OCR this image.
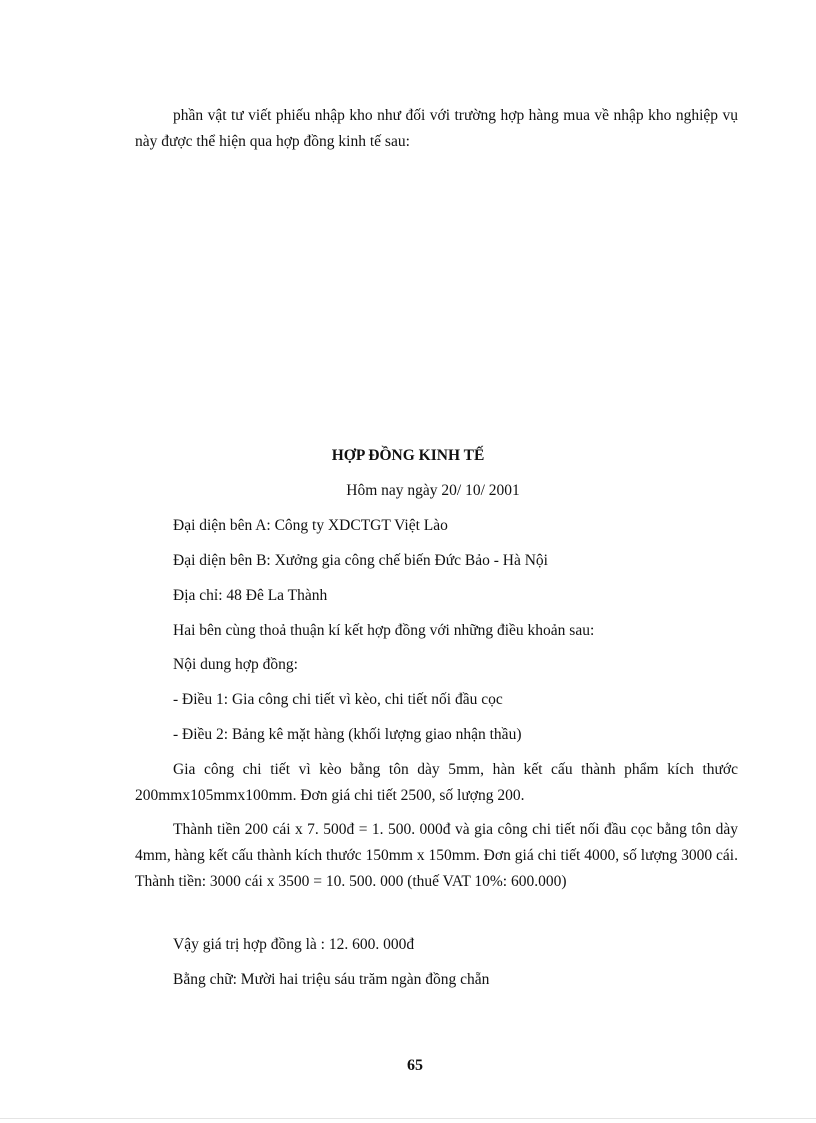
phần vật tư viết phiếu nhập kho như đối với trường hợp hàng mua về nhập kho nghiệp vụ này được thể hiện qua hợp đồng kinh tế sau:

HỢP ĐỒNG KINH TẾ

Hôm nay ngày 20/ 10/ 2001

Đại diện bên A: Công ty XDCTGT Việt Lào

Đại diện bên B: Xưởng gia công chế biến Đức Bảo - Hà Nội

Địa chỉ: 48 Đê La Thành

Hai bên cùng thoả thuận kí kết hợp đồng với những điều khoản sau:

Nội dung hợp đồng:

- Điều 1: Gia công chi tiết vì kèo, chi tiết nối đầu cọc

- Điều 2: Bảng kê mặt hàng (khối lượng giao nhận thầu)

Gia công chi tiết vì kèo bằng tôn dày 5mm, hàn kết cấu thành phẩm kích thước 200mmx105mmx100mm. Đơn giá chi tiết 2500, số lượng 200.

Thành tiền 200 cái x 7. 500đ = 1. 500. 000đ và gia công chi tiết nối đầu cọc bằng tôn dày 4mm, hàng kết cấu thành kích thước 150mm x 150mm. Đơn giá chi tiết 4000, số lượng 3000 cái. Thành tiền: 3000 cái x 3500 = 10. 500. 000 (thuế VAT 10%: 600.000)

Vậy giá trị hợp đồng là : 12. 600. 000đ

Bằng chữ: Mười hai triệu sáu trăm ngàn đồng chẵn

65
